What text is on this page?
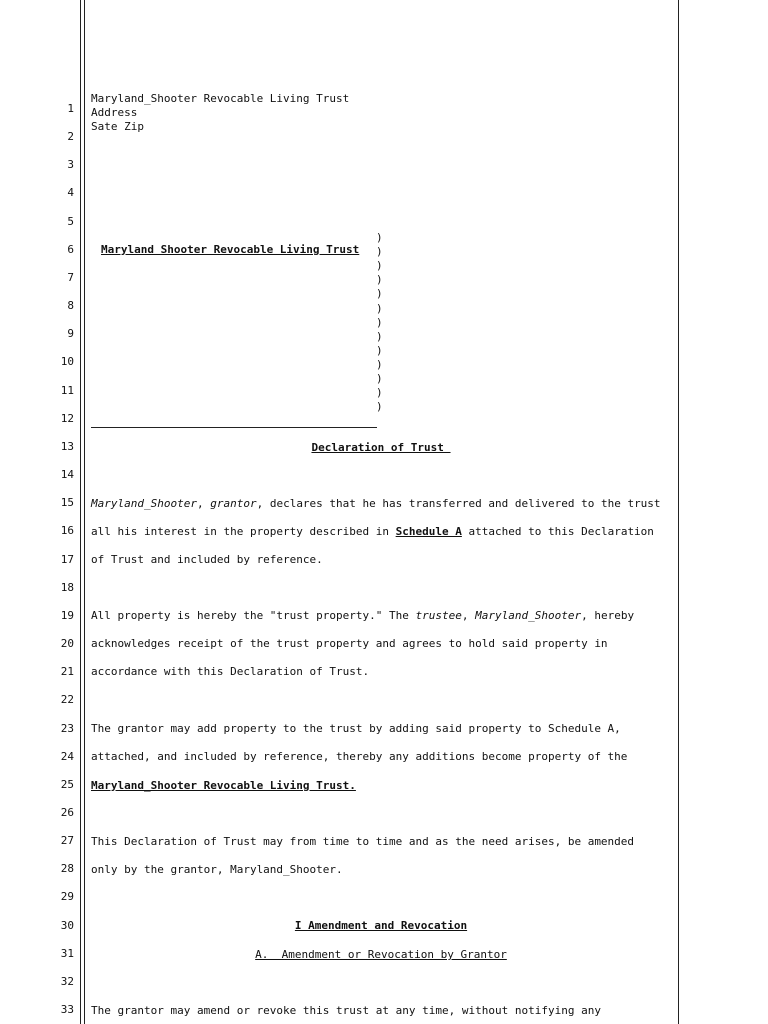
1
2
3
4
5
6
7
8
9
10
11
12
13
14
15
16
17
18
19
20
21
22
23
24
25
26
27
28
29
30
31
32
33
Maryland_Shooter Revocable Living Trust
Address
Sate Zip
Maryland Shooter Revocable Living Trust
)
)
)
)
)
)
)
)
)
)
)
)
)
Declaration of Trust
Maryland_Shooter, grantor, declares that he has transferred and delivered to the trust
all his interest in the property described in Schedule A attached to this Declaration
of Trust and included by reference.
All property is hereby the "trust property." The trustee, Maryland_Shooter, hereby
acknowledges receipt of the trust property and agrees to hold said property in
accordance with this Declaration of Trust.
The grantor may add property to the trust by adding said property to Schedule A,
attached, and included by reference, thereby any additions become property of the
Maryland_Shooter Revocable Living Trust.
This Declaration of Trust may from time to time and as the need arises, be amended
only by the grantor, Maryland_Shooter.
I Amendment and Revocation
A.  Amendment or Revocation by Grantor
The grantor may amend or revoke this trust at any time, without notifying any
